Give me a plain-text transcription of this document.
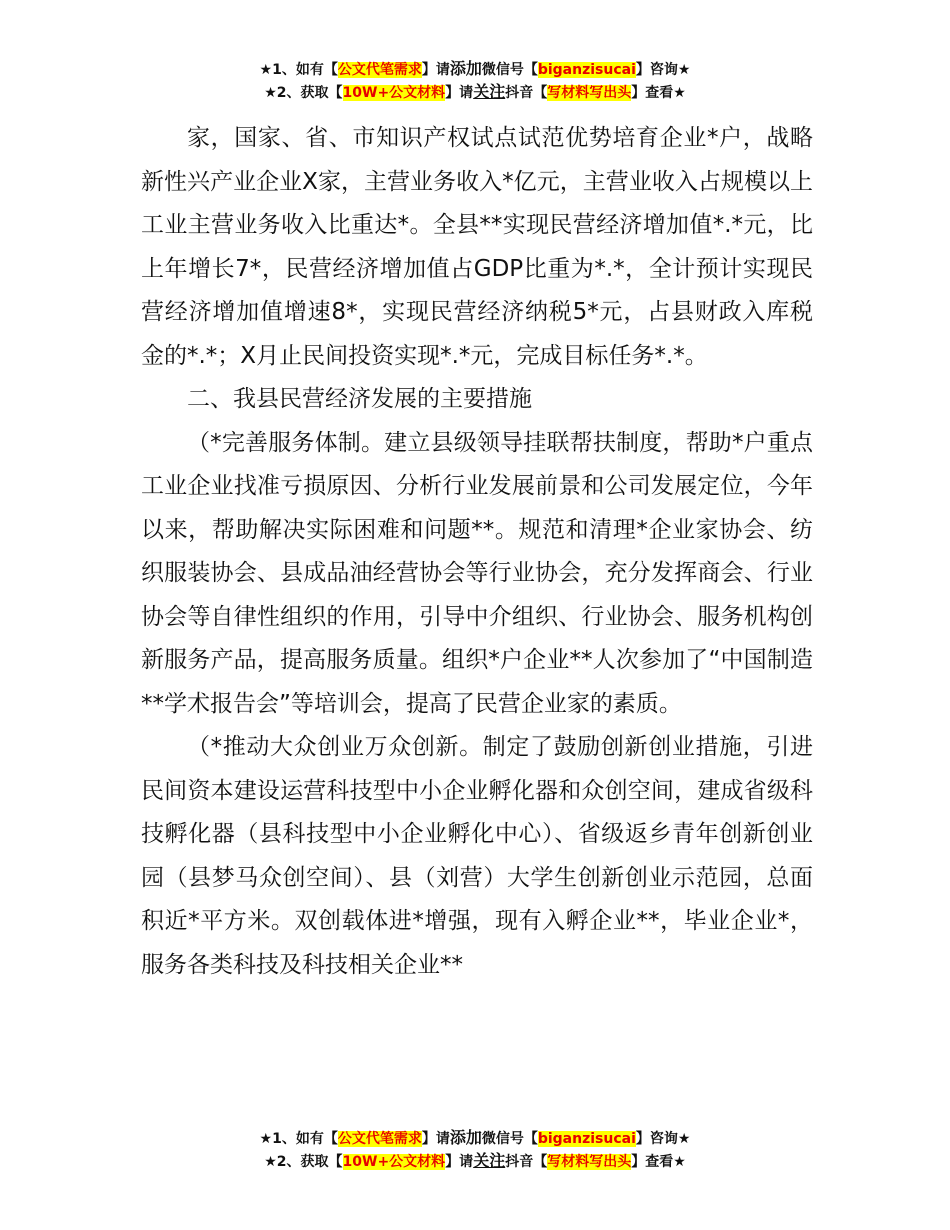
★1、如有【公文代笔需求】请添加微信号【biganzisucai】咨询★
★2、获取【10W+公文材料】请关注抖音【写材料写出头】查看★

家，国家、省、市知识产权试点试范优势培育企业*户，战略新性兴产业企业X家，主营业务收入*亿元，主营业收入占规模以上工业主营业务收入比重达*。全县**实现民营经济增加值*.*元，比上年增长7*，民营经济增加值占GDP比重为*.*，全计预计实现民营经济增加值增速8*，实现民营经济纳税5*元，占县财政入库税金的*.*；X月止民间投资实现*.*元，完成目标任务*.*。

二、我县民营经济发展的主要措施

（*完善服务体制。建立县级领导挂联帮扶制度，帮助*户重点工业企业找准亏损原因、分析行业发展前景和公司发展定位，今年以来，帮助解决实际困难和问题**。规范和清理*企业家协会、纺织服装协会、县成品油经营协会等行业协会，充分发挥商会、行业协会等自律性组织的作用，引导中介组织、行业协会、服务机构创新服务产品，提高服务质量。组织*户企业**人次参加了“中国制造**学术报告会”等培训会，提高了民营企业家的素质。

（*推动大众创业万众创新。制定了鼓励创新创业措施，引进民间资本建设运营科技型中小企业孵化器和众创空间，建成省级科技孵化器（县科技型中小企业孵化中心）、省级返乡青年创新创业园（县梦马众创空间）、县（刘营）大学生创新创业示范园，总面积近*平方米。双创载体进*增强，现有入孵企业**，毕业企业*，服务各类科技及科技相关企业**

★1、如有【公文代笔需求】请添加微信号【biganzisucai】咨询★
★2、获取【10W+公文材料】请关注抖音【写材料写出头】查看★
